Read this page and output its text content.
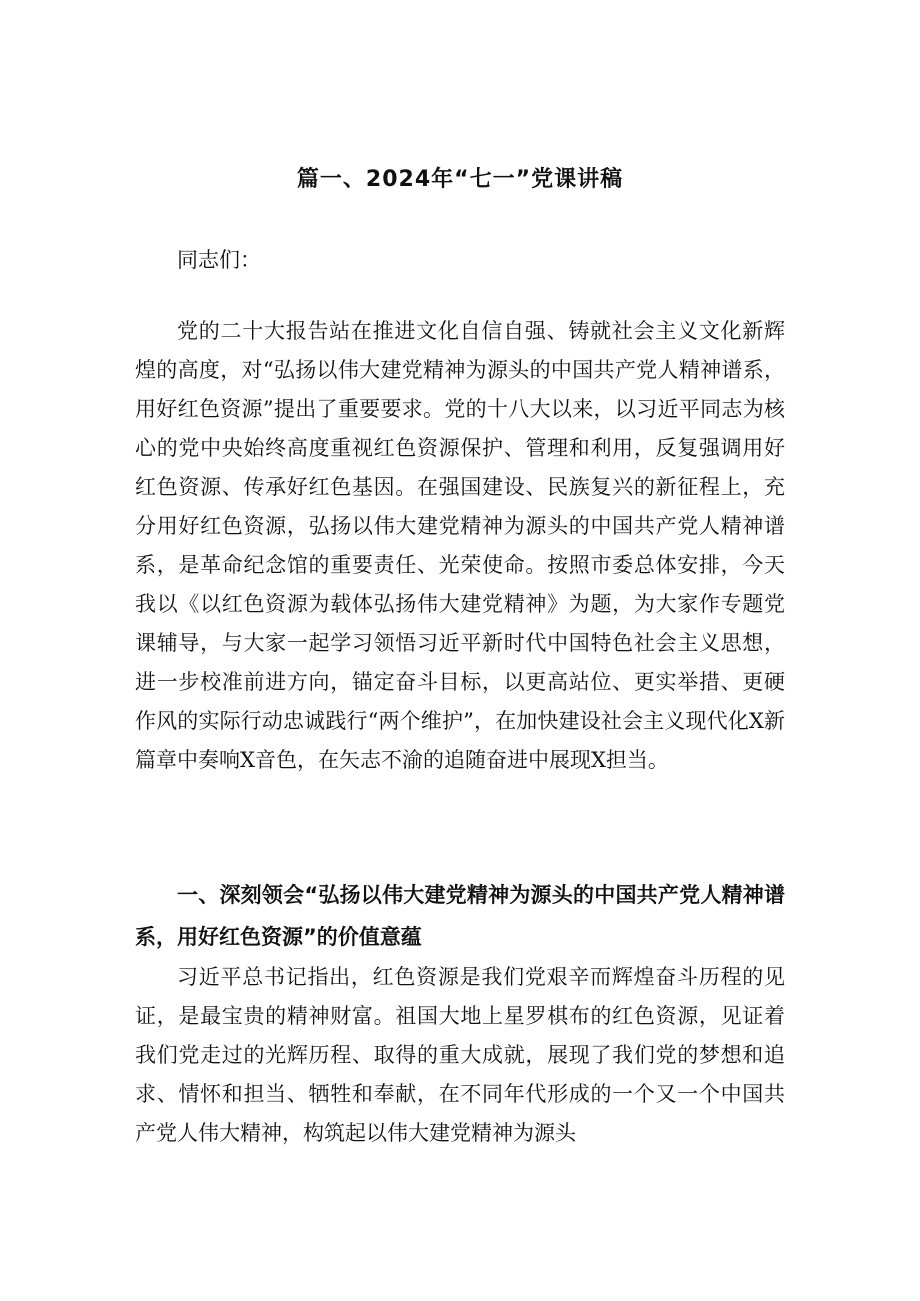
篇一、2024年“七一”党课讲稿

同志们：

党的二十大报告站在推进文化自信自强、铸就社会主义文化新辉煌的高度，对“弘扬以伟大建党精神为源头的中国共产党人精神谱系，用好红色资源”提出了重要要求。党的十八大以来，以习近平同志为核心的党中央始终高度重视红色资源保护、管理和利用，反复强调用好红色资源、传承好红色基因。在强国建设、民族复兴的新征程上，充分用好红色资源，弘扬以伟大建党精神为源头的中国共产党人精神谱系，是革命纪念馆的重要责任、光荣使命。按照市委总体安排，今天我以《以红色资源为载体弘扬伟大建党精神》为题，为大家作专题党课辅导，与大家一起学习领悟习近平新时代中国特色社会主义思想，进一步校准前进方向，锚定奋斗目标，以更高站位、更实举措、更硬作风的实际行动忠诚践行“两个维护”，在加快建设社会主义现代化X新篇章中奏响X音色，在矢志不渝的追随奋进中展现X担当。

一、深刻领会“弘扬以伟大建党精神为源头的中国共产党人精神谱系，用好红色资源”的价值意蕴

习近平总书记指出，红色资源是我们党艰辛而辉煌奋斗历程的见证，是最宝贵的精神财富。祖国大地上星罗棋布的红色资源，见证着我们党走过的光辉历程、取得的重大成就，展现了我们党的梦想和追求、情怀和担当、牺牲和奉献，在不同年代形成的一个又一个中国共产党人伟大精神，构筑起以伟大建党精神为源头
